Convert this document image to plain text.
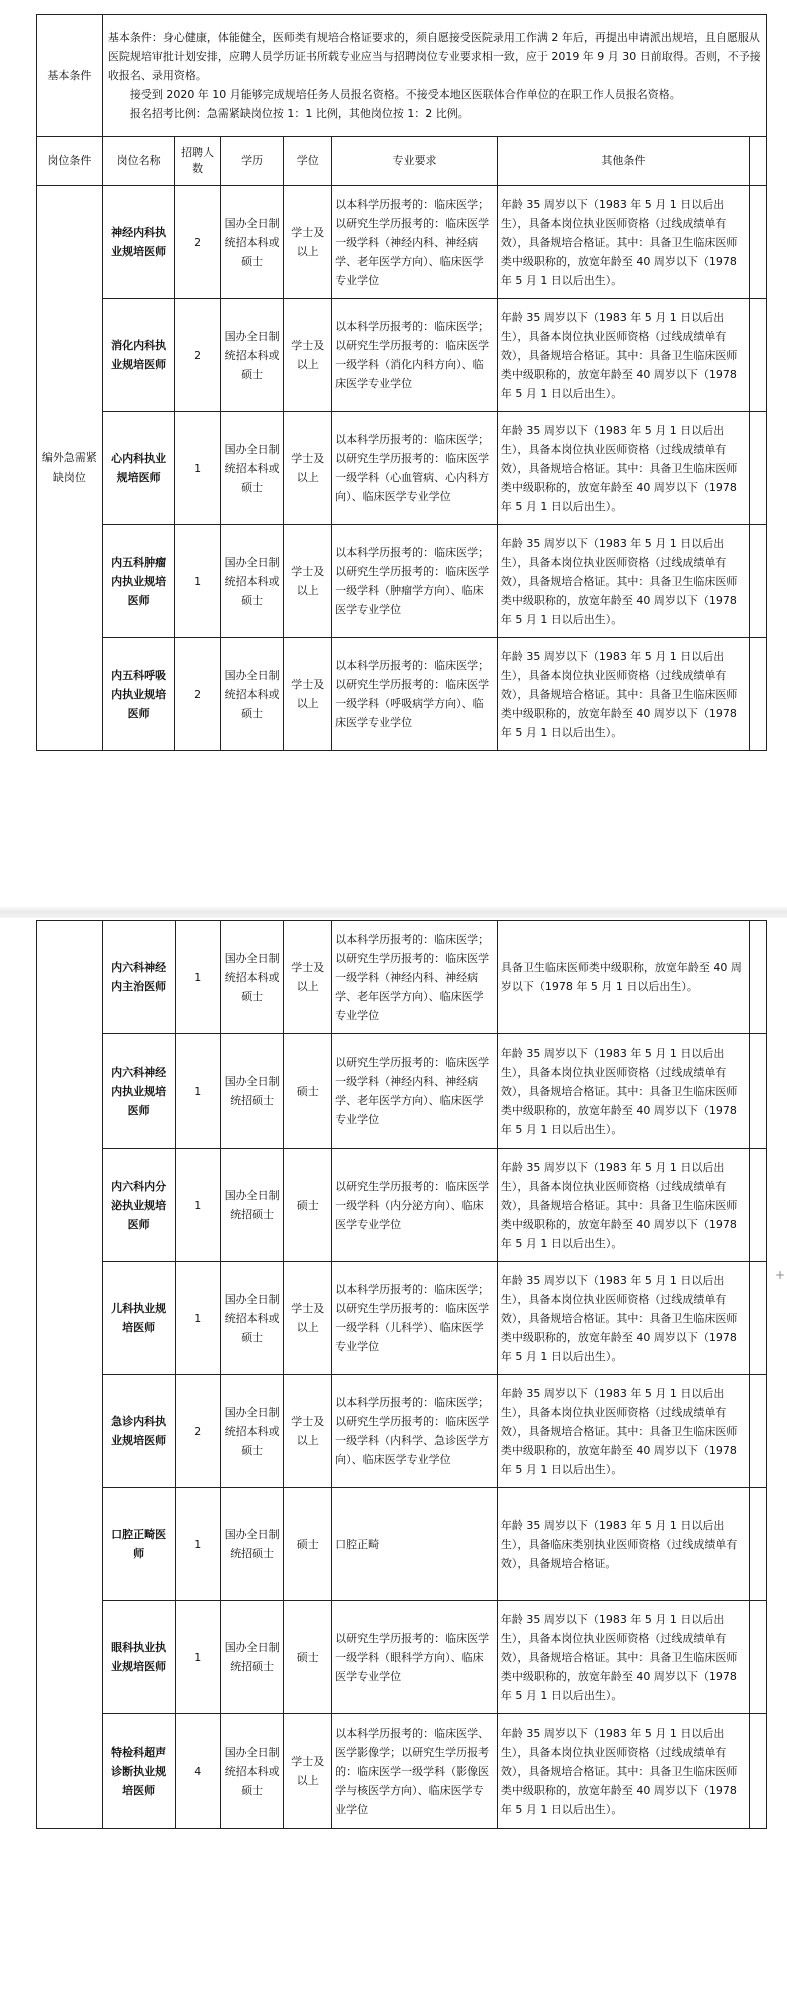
基本条件	基本条件：身心健康，体能健全，医师类有规培合格证要求的，须自愿接受医院录用工作满 2 年后，再提出申请派出规培，且自愿服从医院规培审批计划安排，应聘人员学历证书所载专业应当与招聘岗位专业要求相一致，应于 2019 年 9 月 30 日前取得。否则，不予接收报名、录用资格。

接受到 2020 年 10 月能够完成规培任务人员报名资格。不接受本地区医联体合作单位的在职工作人员报名资格。

报名招考比例：急需紧缺岗位按 1：1 比例，其他岗位按 1：2 比例。						

岗位条件	岗位名称	招聘人数	学历	学位	专业要求	其他条件	
编外急需紧缺岗位	神经内科执业规培医师	2	国办全日制统招本科或硕士	学士及以上	以本科学历报考的：临床医学；以研究生学历报考的：临床医学一级学科（神经内科、神经病学、老年医学方向）、临床医学专业学位	年龄 35 周岁以下（1983 年 5 月 1 日以后出生），具备本岗位执业医师资格（过线成绩单有效），具备规培合格证。其中：具备卫生临床医师类中级职称的，放宽年龄至 40 周岁以下（1978 年 5 月 1 日以后出生）。	
	消化内科执业规培医师	2	国办全日制统招本科或硕士	学士及以上	以本科学历报考的：临床医学；以研究生学历报考的：临床医学一级学科（消化内科方向）、临床医学专业学位	年龄 35 周岁以下（1983 年 5 月 1 日以后出生），具备本岗位执业医师资格（过线成绩单有效），具备规培合格证。其中：具备卫生临床医师类中级职称的，放宽年龄至 40 周岁以下（1978 年 5 月 1 日以后出生）。	
	心内科执业规培医师	1	国办全日制统招本科或硕士	学士及以上	以本科学历报考的：临床医学；以研究生学历报考的：临床医学一级学科（心血管病、心内科方向）、临床医学专业学位	年龄 35 周岁以下（1983 年 5 月 1 日以后出生），具备本岗位执业医师资格（过线成绩单有效），具备规培合格证。其中：具备卫生临床医师类中级职称的，放宽年龄至 40 周岁以下（1978 年 5 月 1 日以后出生）。	
	内五科肿瘤内执业规培医师	1	国办全日制统招本科或硕士	学士及以上	以本科学历报考的：临床医学；以研究生学历报考的：临床医学一级学科（肿瘤学方向）、临床医学专业学位	年龄 35 周岁以下（1983 年 5 月 1 日以后出生），具备本岗位执业医师资格（过线成绩单有效），具备规培合格证。其中：具备卫生临床医师类中级职称的，放宽年龄至 40 周岁以下（1978 年 5 月 1 日以后出生）。	
	内五科呼吸内执业规培医师	2	国办全日制统招本科或硕士	学士及以上	以本科学历报考的：临床医学；以研究生学历报考的：临床医学一级学科（呼吸病学方向）、临床医学专业学位	年龄 35 周岁以下（1983 年 5 月 1 日以后出生），具备本岗位执业医师资格（过线成绩单有效），具备规培合格证。其中：具备卫生临床医师类中级职称的，放宽年龄至 40 周岁以下（1978 年 5 月 1 日以后出生）。	
	内六科神经内主治医师	1	国办全日制统招本科或硕士	学士及以上	以本科学历报考的：临床医学；以研究生学历报考的：临床医学一级学科（神经内科、神经病学、老年医学方向）、临床医学专业学位	具备卫生临床医师类中级职称，放宽年龄至 40 周岁以下（1978 年 5 月 1 日以后出生）。	
	内六科神经内执业规培医师	1	国办全日制统招硕士	硕士	以研究生学历报考的：临床医学一级学科（神经内科、神经病学、老年医学方向）、临床医学专业学位	年龄 35 周岁以下（1983 年 5 月 1 日以后出生），具备本岗位执业医师资格（过线成绩单有效），具备规培合格证。其中：具备卫生临床医师类中级职称的，放宽年龄至 40 周岁以下（1978 年 5 月 1 日以后出生）。	
	内六科内分泌执业规培医师	1	国办全日制统招硕士	硕士	以研究生学历报考的：临床医学一级学科（内分泌方向）、临床医学专业学位	年龄 35 周岁以下（1983 年 5 月 1 日以后出生），具备本岗位执业医师资格（过线成绩单有效），具备规培合格证。其中：具备卫生临床医师类中级职称的，放宽年龄至 40 周岁以下（1978 年 5 月 1 日以后出生）。	
	儿科执业规培医师	1	国办全日制统招本科或硕士	学士及以上	以本科学历报考的：临床医学；以研究生学历报考的：临床医学一级学科（儿科学）、临床医学专业学位	年龄 35 周岁以下（1983 年 5 月 1 日以后出生），具备本岗位执业医师资格（过线成绩单有效），具备规培合格证。其中：具备卫生临床医师类中级职称的，放宽年龄至 40 周岁以下（1978 年 5 月 1 日以后出生）。	
	急诊内科执业规培医师	2	国办全日制统招本科或硕士	学士及以上	以本科学历报考的：临床医学；以研究生学历报考的：临床医学一级学科（内科学、急诊医学方向）、临床医学专业学位	年龄 35 周岁以下（1983 年 5 月 1 日以后出生），具备本岗位执业医师资格（过线成绩单有效），具备规培合格证。其中：具备卫生临床医师类中级职称的，放宽年龄至 40 周岁以下（1978 年 5 月 1 日以后出生）。	
	口腔正畸医师	1	国办全日制统招硕士	硕士	口腔正畸	年龄 35 周岁以下（1983 年 5 月 1 日以后出生），具备临床类别执业医师资格（过线成绩单有效），具备规培合格证。	
	眼科执业执业规培医师	1	国办全日制统招硕士	硕士	以研究生学历报考的：临床医学一级学科（眼科学方向）、临床医学专业学位	年龄 35 周岁以下（1983 年 5 月 1 日以后出生），具备本岗位执业医师资格（过线成绩单有效），具备规培合格证。其中：具备卫生临床医师类中级职称的，放宽年龄至 40 周岁以下（1978 年 5 月 1 日以后出生）。	
	特检科超声诊断执业规培医师	4	国办全日制统招本科或硕士	学士及以上	以本科学历报考的：临床医学、医学影像学；以研究生学历报考的：临床医学一级学科（影像医学与核医学方向）、临床医学专业学位	年龄 35 周岁以下（1983 年 5 月 1 日以后出生），具备本岗位执业医师资格（过线成绩单有效），具备规培合格证。其中：具备卫生临床医师类中级职称的，放宽年龄至 40 周岁以下（1978 年 5 月 1 日以后出生）。	
+
